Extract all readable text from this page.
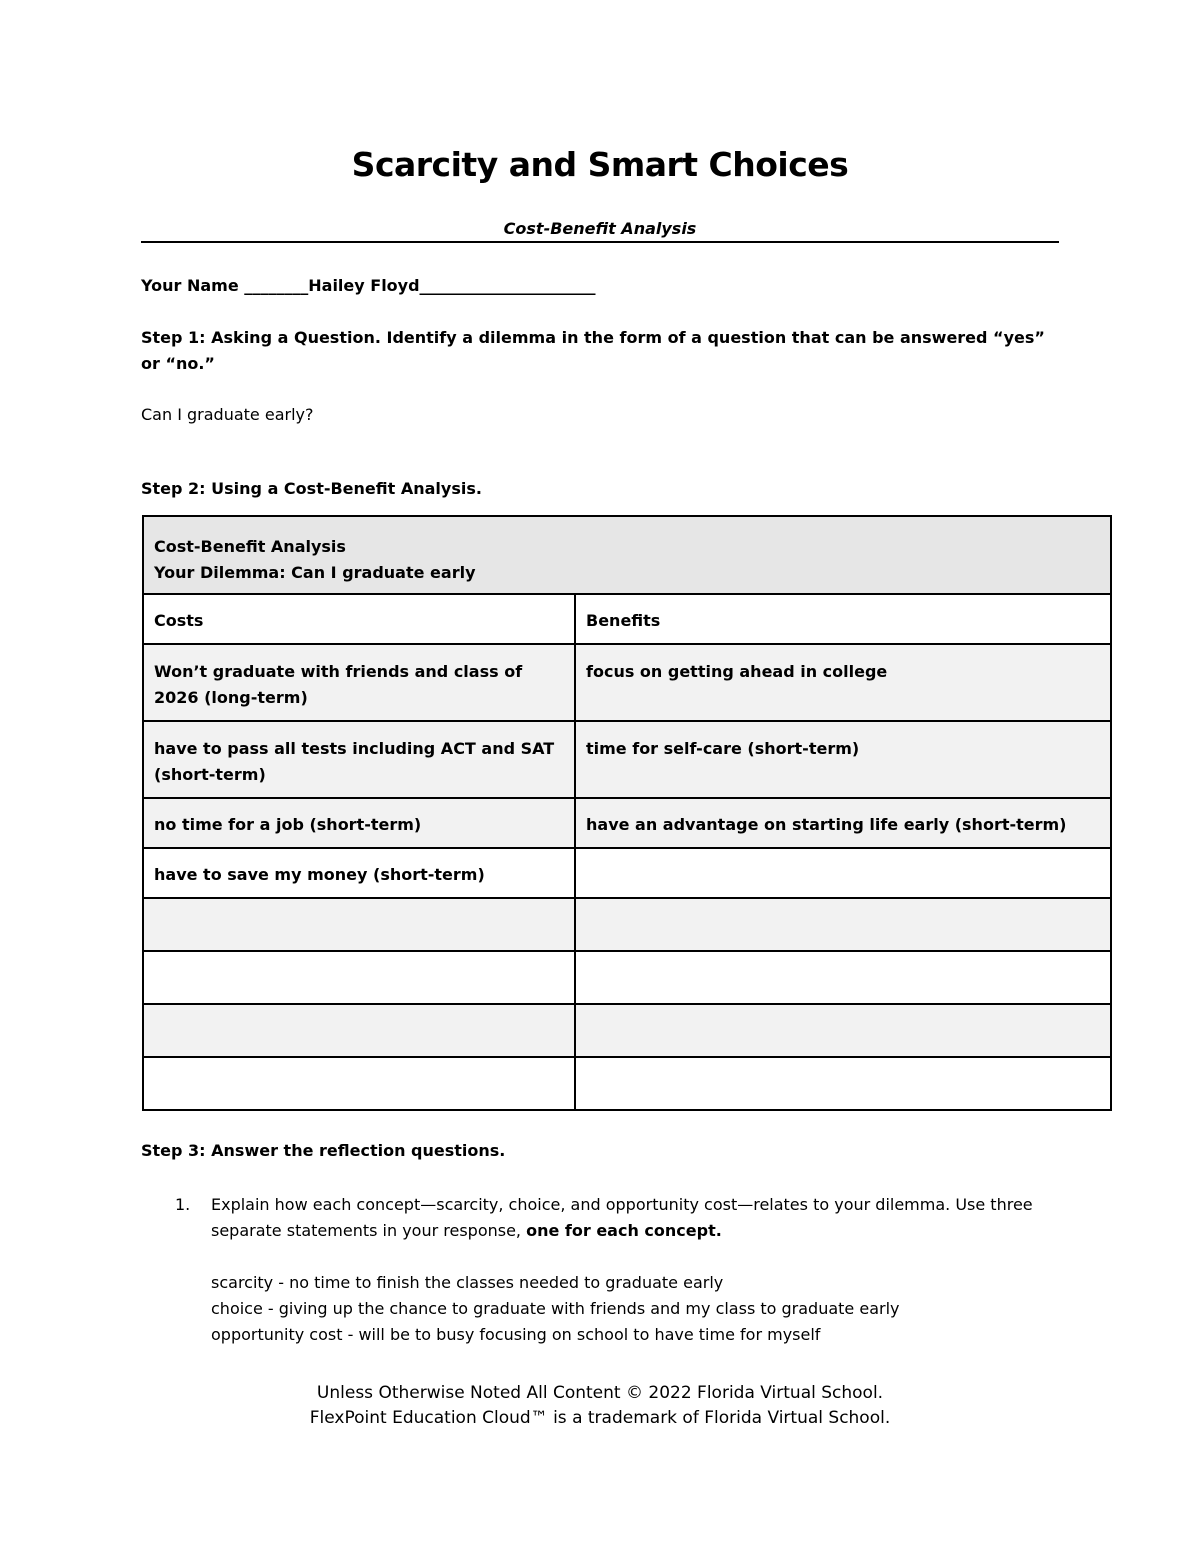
Scarcity and Smart Choices
Cost-Benefit Analysis
Your Name ________Hailey Floyd______________________
Step 1: Asking a Question. Identify a dilemma in the form of a question that can be answered “yes” or “no.”
Can I graduate early?
Step 2: Using a Cost-Benefit Analysis.
Cost-Benefit Analysis
Your Dilemma: Can I graduate early	

Costs	Benefits
Won’t graduate with friends and class of 2026 (long-term)	focus on getting ahead in college
have to pass all tests including ACT and SAT (short-term)	time for self-care (short-term)
no time for a job (short-term)	have an advantage on starting life early (short-term)
have to save my money (short-term)	

Step 3: Answer the reflection questions.
1. Explain how each concept—scarcity, choice, and opportunity cost—relates to your dilemma. Use three separate statements in your response, one for each concept.
scarcity - no time to finish the classes needed to graduate early
choice - giving up the chance to graduate with friends and my class to graduate early
opportunity cost - will be to busy focusing on school to have time for myself
Unless Otherwise Noted All Content © 2022 Florida Virtual School.
FlexPoint Education Cloud™ is a trademark of Florida Virtual School.
